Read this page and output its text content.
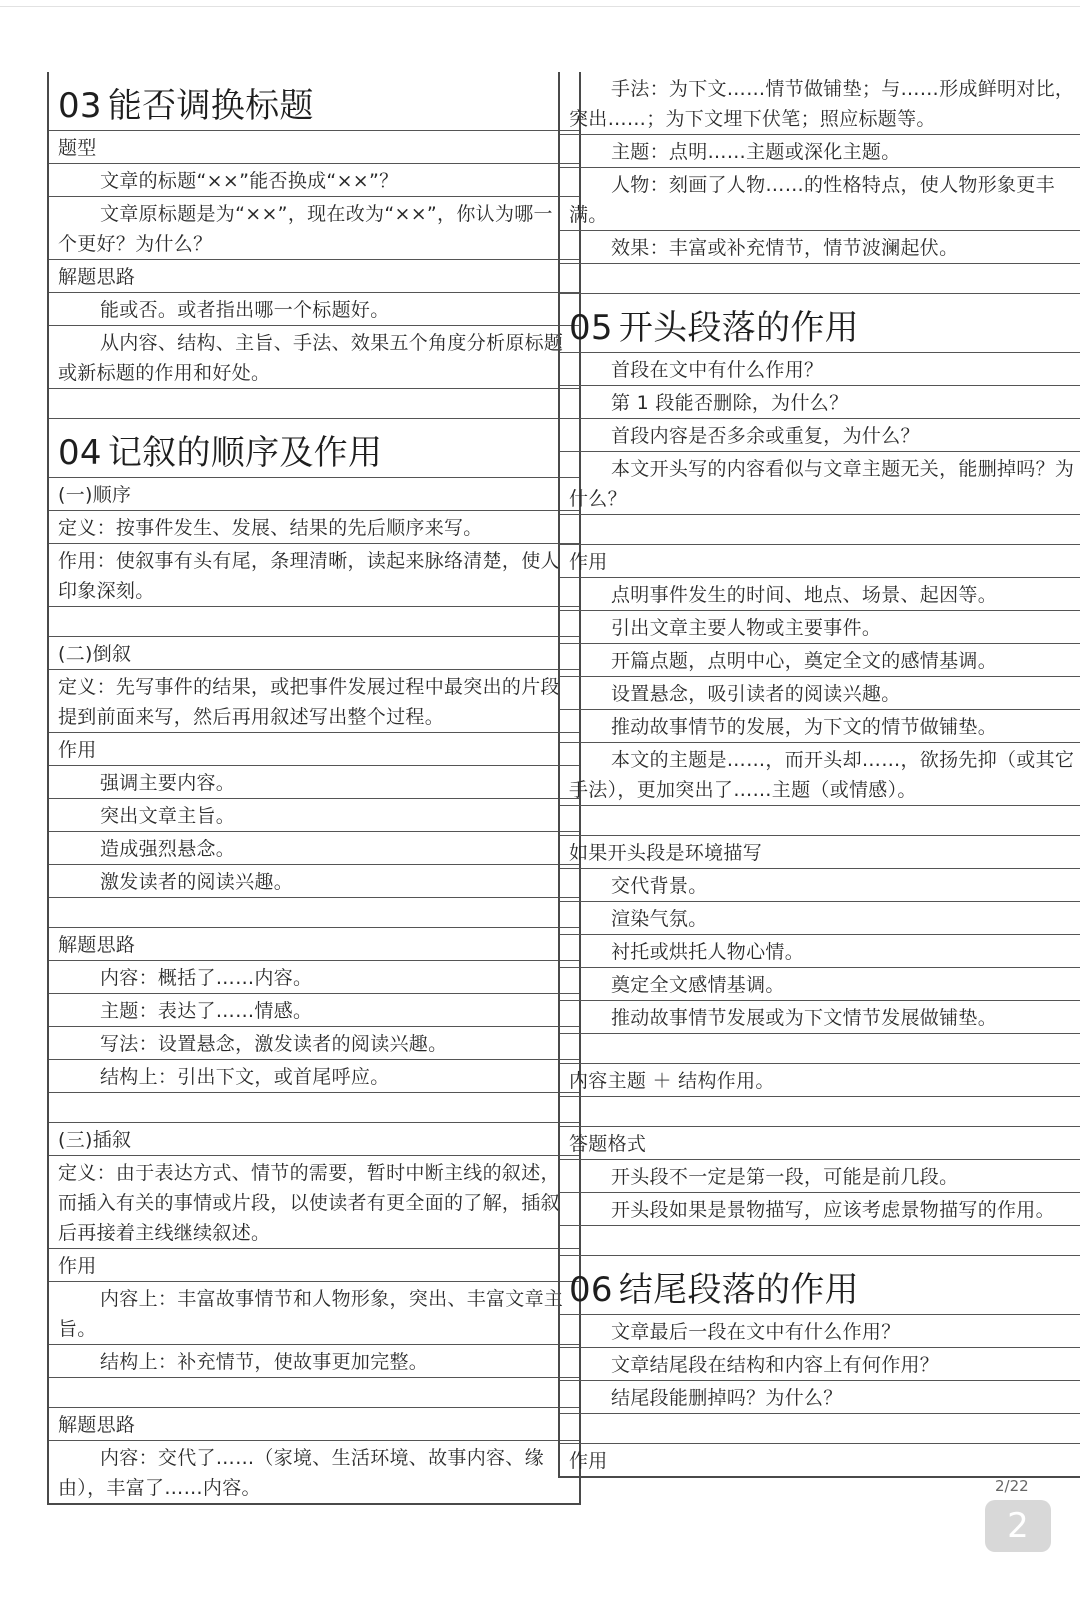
03 能否调换标题
题型
文章的标题“××”能否换成“××”？
文章原标题是为“××”，现在改为“××”，你认为哪一个更好？为什么？
解题思路
能或否。或者指出哪一个标题好。
从内容、结构、主旨、手法、效果五个角度分析原标题或新标题的作用和好处。
04 记叙的顺序及作用
(一)顺序
定义：按事件发生、发展、结果的先后顺序来写。
作用：使叙事有头有尾，条理清晰，读起来脉络清楚，使人印象深刻。
(二)倒叙
定义：先写事件的结果，或把事件发展过程中最突出的片段提到前面来写，然后再用叙述写出整个过程。
作用
强调主要内容。
突出文章主旨。
造成强烈悬念。
激发读者的阅读兴趣。
解题思路
内容：概括了……内容。
主题：表达了……情感。
写法：设置悬念，激发读者的阅读兴趣。
结构上：引出下文，或首尾呼应。
(三)插叙
定义：由于表达方式、情节的需要，暂时中断主线的叙述，而插入有关的事情或片段，以使读者有更全面的了解，插叙后再接着主线继续叙述。
作用
内容上：丰富故事情节和人物形象，突出、丰富文章主旨。
结构上：补充情节，使故事更加完整。
解题思路
内容：交代了……（家境、生活环境、故事内容、缘由），丰富了……内容。
手法：为下文……情节做铺垫；与……形成鲜明对比，突出……；为下文埋下伏笔；照应标题等。
主题：点明……主题或深化主题。
人物：刻画了人物……的性格特点，使人物形象更丰满。
效果：丰富或补充情节，情节波澜起伏。
05 开头段落的作用
首段在文中有什么作用？
第 1 段能否删除，为什么？
首段内容是否多余或重复，为什么？
本文开头写的内容看似与文章主题无关，能删掉吗？为什么？
作用
点明事件发生的时间、地点、场景、起因等。
引出文章主要人物或主要事件。
开篇点题，点明中心，奠定全文的感情基调。
设置悬念，吸引读者的阅读兴趣。
推动故事情节的发展，为下文的情节做铺垫。
本文的主题是……，而开头却……，欲扬先抑（或其它手法），更加突出了……主题（或情感）。
如果开头段是环境描写
交代背景。
渲染气氛。
衬托或烘托人物心情。
奠定全文感情基调。
推动故事情节发展或为下文情节发展做铺垫。
内容主题 ＋ 结构作用。
答题格式
开头段不一定是第一段，可能是前几段。
开头段如果是景物描写，应该考虑景物描写的作用。
06 结尾段落的作用
文章最后一段在文中有什么作用？
文章结尾段在结构和内容上有何作用？
结尾段能删掉吗？为什么？
作用
2/22
2
